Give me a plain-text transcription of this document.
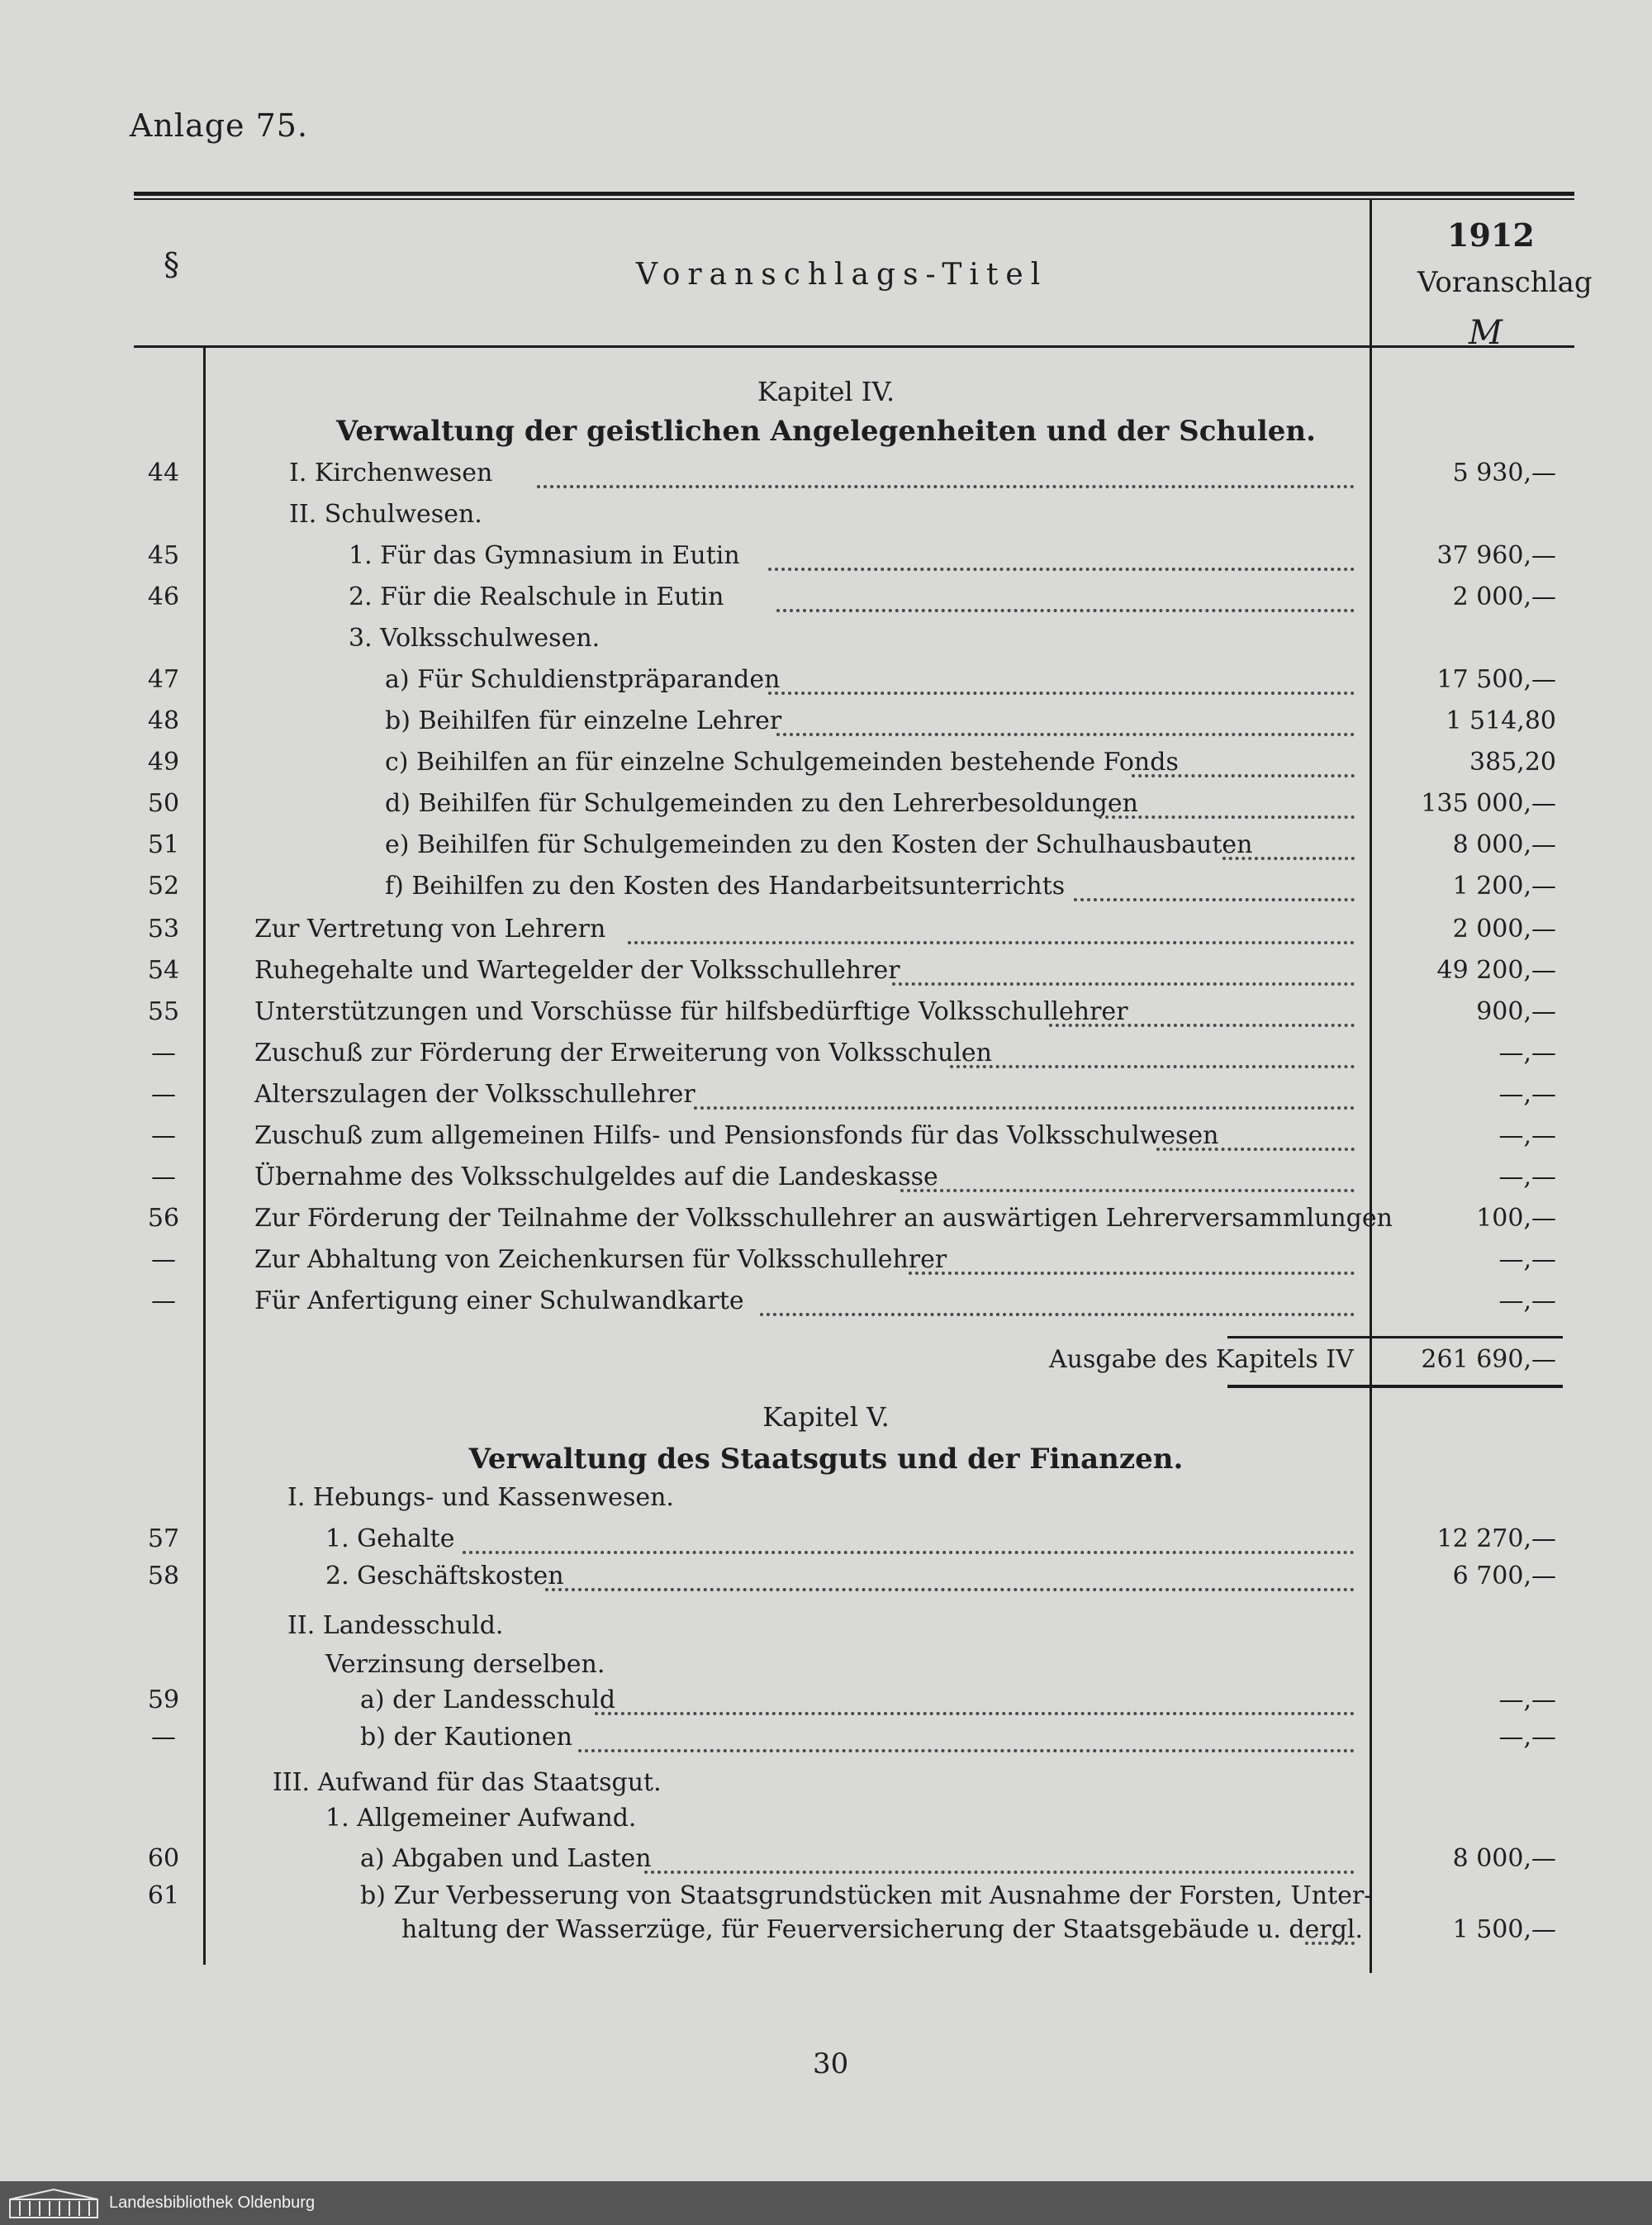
Anlage 75.
§	Voranschlags-Titel
1912
Voranschlag
M
Kapitel IV.
Verwaltung der geistlichen Angelegenheiten und der Schulen.
44	I. Kirchenwesen	5 930,—
II. Schulwesen.
45	1. Für das Gymnasium in Eutin	37 960,—
46	2. Für die Realschule in Eutin	2 000,—
3. Volksschulwesen.
47	a) Für Schuldienstpräparanden	17 500,—
48	b) Beihilfen für einzelne Lehrer	1 514,80
49	c) Beihilfen an für einzelne Schulgemeinden bestehende Fonds	385,20
50	d) Beihilfen für Schulgemeinden zu den Lehrerbesoldungen	135 000,—
51	e) Beihilfen für Schulgemeinden zu den Kosten der Schulhausbauten	8 000,—
52	f) Beihilfen zu den Kosten des Handarbeitsunterrichts	1 200,—
53	Zur Vertretung von Lehrern	2 000,—
54	Ruhegehalte und Wartegelder der Volksschullehrer	49 200,—
55	Unterstützungen und Vorschüsse für hilfsbedürftige Volksschullehrer	900,—
—	Zuschuß zur Förderung der Erweiterung von Volksschulen	—,—
—	Alterszulagen der Volksschullehrer	—,—
—	Zuschuß zum allgemeinen Hilfs- und Pensionsfonds für das Volksschulwesen	—,—
—	Übernahme des Volksschulgeldes auf die Landeskasse	—,—
56	Zur Förderung der Teilnahme der Volksschullehrer an auswärtigen Lehrerversammlungen	100,—
—	Zur Abhaltung von Zeichenkursen für Volksschullehrer	—,—
—	Für Anfertigung einer Schulwandkarte	—,—
Ausgabe des Kapitels IV	261 690,—
Kapitel V.
Verwaltung des Staatsguts und der Finanzen.
I. Hebungs- und Kassenwesen.
57	1. Gehalte	12 270,—
58	2. Geschäftskosten	6 700,—
II. Landesschuld.
Verzinsung derselben.
59	a) der Landesschuld	—,—
—	b) der Kautionen	—,—
III. Aufwand für das Staatsgut.
1. Allgemeiner Aufwand.
60	a) Abgaben und Lasten	8 000,—
61	b) Zur Verbesserung von Staatsgrundstücken mit Ausnahme der Forsten, Unter-
haltung der Wasserzüge, für Feuerversicherung der Staatsgebäude u. dergl.	1 500,—
30
Landesbibliothek Oldenburg
